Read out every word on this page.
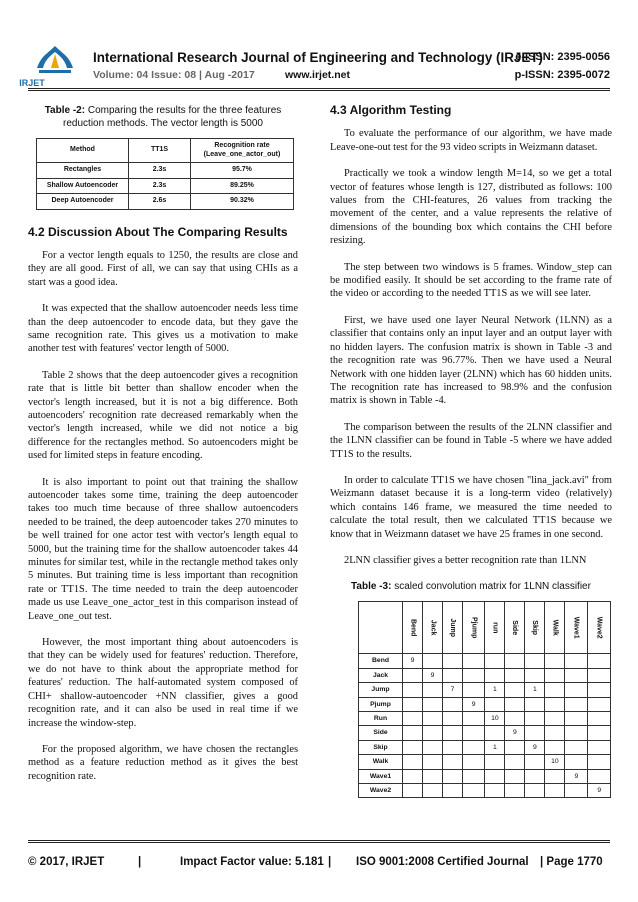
IRJET
International Research Journal of Engineering and Technology (IRJET)
e-ISSN: 2395-0056
Volume: 04 Issue: 08 | Aug -2017	www.irjet.net	p-ISSN: 2395-0072
Table -2: Comparing the results for the three features reduction methods. The vector length is 5000
Method	TT1S	Recognition rate (Leave_one_actor_out)
Rectangles	2.3s	95.7%
Shallow Autoencoder	2.3s	89.25%
Deep Autoencoder	2.6s	90.32%
4.2 Discussion About The Comparing Results

For a vector length equals to 1250, the results are close and they are all good. First of all, we can say that using CHIs as a start was a good idea.

It was expected that the shallow autoencoder needs less time than the deep autoencoder to encode data, but they gave the same recognition rate. This gives us a motivation to make another test with features' vector length of 5000.

Table 2 shows that the deep autoencoder gives a recognition rate that is little bit better than shallow encoder when the vector's length increased, but it is not a big difference. Both autoencoders' recognition rate decreased remarkably when the vector's length increased, while we did not notice a big difference for the rectangles method. So autoencoders might be used for limited steps in feature encoding.

It is also important to point out that training the shallow autoencoder takes some time, training the deep autoencoder takes too much time because of three shallow autoencoders needed to be trained, the deep autoencoder takes 270 minutes to be well trained for one actor test with vector's length equal to 5000, but the training time for the shallow autoencoder takes 44 minutes for similar test, while in the rectangle method takes only 5 minutes. But training time is less important than recognition rate or TT1S. The time needed to train the deep autoencoder made us use Leave_one_actor_test in this comparison instead of Leave_one_out test.

However, the most important thing about autoencoders is that they can be widely used for features' reduction. Therefore, we do not have to think about the appropriate method for features' reduction. The half-automated system composed of CHI+ shallow-autoencoder +NN classifier, gives a good recognition rate, and it can also be used in real time if we increase the window-step.

For the proposed algorithm, we have chosen the rectangles method as a feature reduction method as it gives the best recognition rate.

4.3 Algorithm Testing

To evaluate the performance of our algorithm, we have made Leave-one-out test for the 93 video scripts in Weizmann dataset.

Practically we took a window length M=14, so we get a total vector of features whose length is 127, distributed as follows: 100 values from the CHI-features, 26 values from tracking the movement of the center, and a value represents the relative of dimensions of the bounding box which contains the CHI before resizing.

The step between two windows is 5 frames. Window_step can be modified easily. It should be set according to the frame rate of the video or according to the needed TT1S as we will see later.

First, we have used one layer Neural Network (1LNN) as a classifier that contains only an input layer and an output layer with no hidden layers. The confusion matrix is shown in Table -3 and the recognition rate was 96.77%. Then we have used a Neural Network with one hidden layer (2LNN) which has 60 hidden units. The recognition rate has increased to 98.9% and the confusion matrix is shown in Table -4.

The comparison between the results of the 2LNN classifier and the 1LNN classifier can be found in Table -5 where we have added TT1S to the results.

In order to calculate TT1S we have chosen "lina_jack.avi" from Weizmann dataset because it is a long-term video (relatively) which contains 146 frame, we measured the time needed to calculate the total result, then we calculated TT1S because we know that in Weizmann dataset we have 25 frames in one second.

2LNN classifier gives a better recognition rate than 1LNN

Table -3: scaled convolution matrix for 1LNN classifier
	Bend	Jack	Jump	Pjump	run	Side	Skip	Walk	Wave1	Wave2
Bend	9									
Jack		9								
Jump			7		1		1			
Pjump				9						
Run					10					
Side						9				
Skip					1		9			
Walk								10		
Wave1									9	
Wave2										9
© 2017, IRJET	|	Impact Factor value: 5.181 | ISO 9001:2008 Certified Journal | Page 1770
